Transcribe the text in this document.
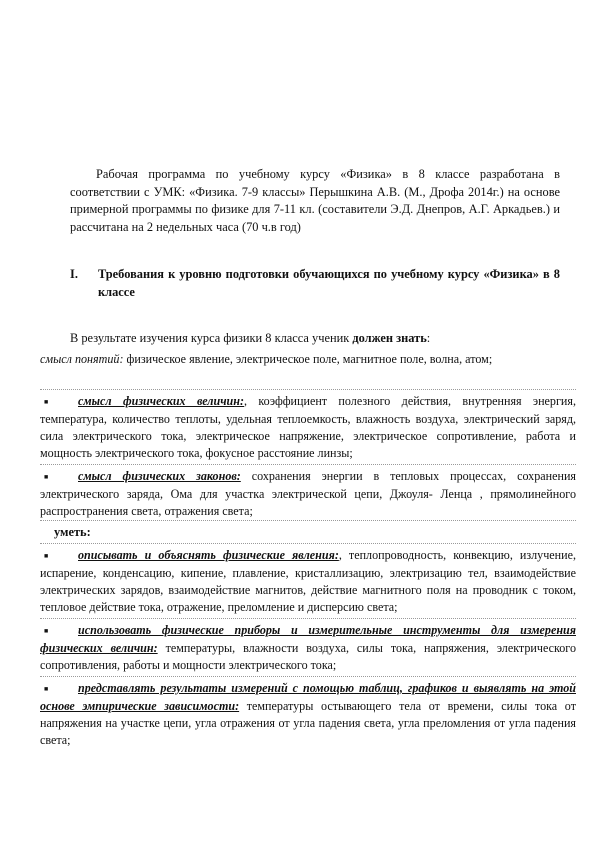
Рабочая программа по учебному курсу «Физика» в 8 классе разработана в соответствии с УМК: «Физика. 7-9 классы» Перышкина А.В. (М., Дрофа 2014г.) на основе примерной программы по физике для 7-11 кл. (составители Э.Д. Днепров, А.Г. Аркадьев.) и рассчитана на 2 недельных часа (70 ч.в год)

I. Требования к уровню подготовки обучающихся по учебному курсу «Физика» в 8 классе

В результате изучения курса физики 8 класса ученик должен знать:

смысл понятий: физическое явление, электрическое поле, магнитное поле, волна, атом;

■ смысл физических величин:, коэффициент полезного действия, внутренняя энергия, температура, количество теплоты, удельная теплоемкость, влажность воздуха, электрический заряд, сила электрического тока, электрическое напряжение, электрическое сопротивление, работа и мощность электрического тока, фокусное расстояние линзы;

■ смысл физических законов: сохранения энергии в тепловых процессах, сохранения электрического заряда, Ома для участка электрической цепи, Джоуля- Ленца , прямолинейного распространения света, отражения света;

уметь:

■ описывать и объяснять физические явления:, теплопроводность, конвекцию, излучение, испарение, конденсацию, кипение, плавление, кристаллизацию, электризацию тел, взаимодействие электрических зарядов, взаимодействие магнитов, действие магнитного поля на проводник с током, тепловое действие тока, отражение, преломление и дисперсию света;

■ использовать физические приборы и измерительные инструменты для измерения физических величин: температуры, влажности воздуха, силы тока, напряжения, электрического сопротивления, работы и мощности электрического тока;

■ представлять результаты измерений с помощью таблиц, графиков и выявлять на этой основе эмпирические зависимости: температуры остывающего тела от времени, силы тока от напряжения на участке цепи, угла отражения от угла падения света, угла преломления от угла падения света;
